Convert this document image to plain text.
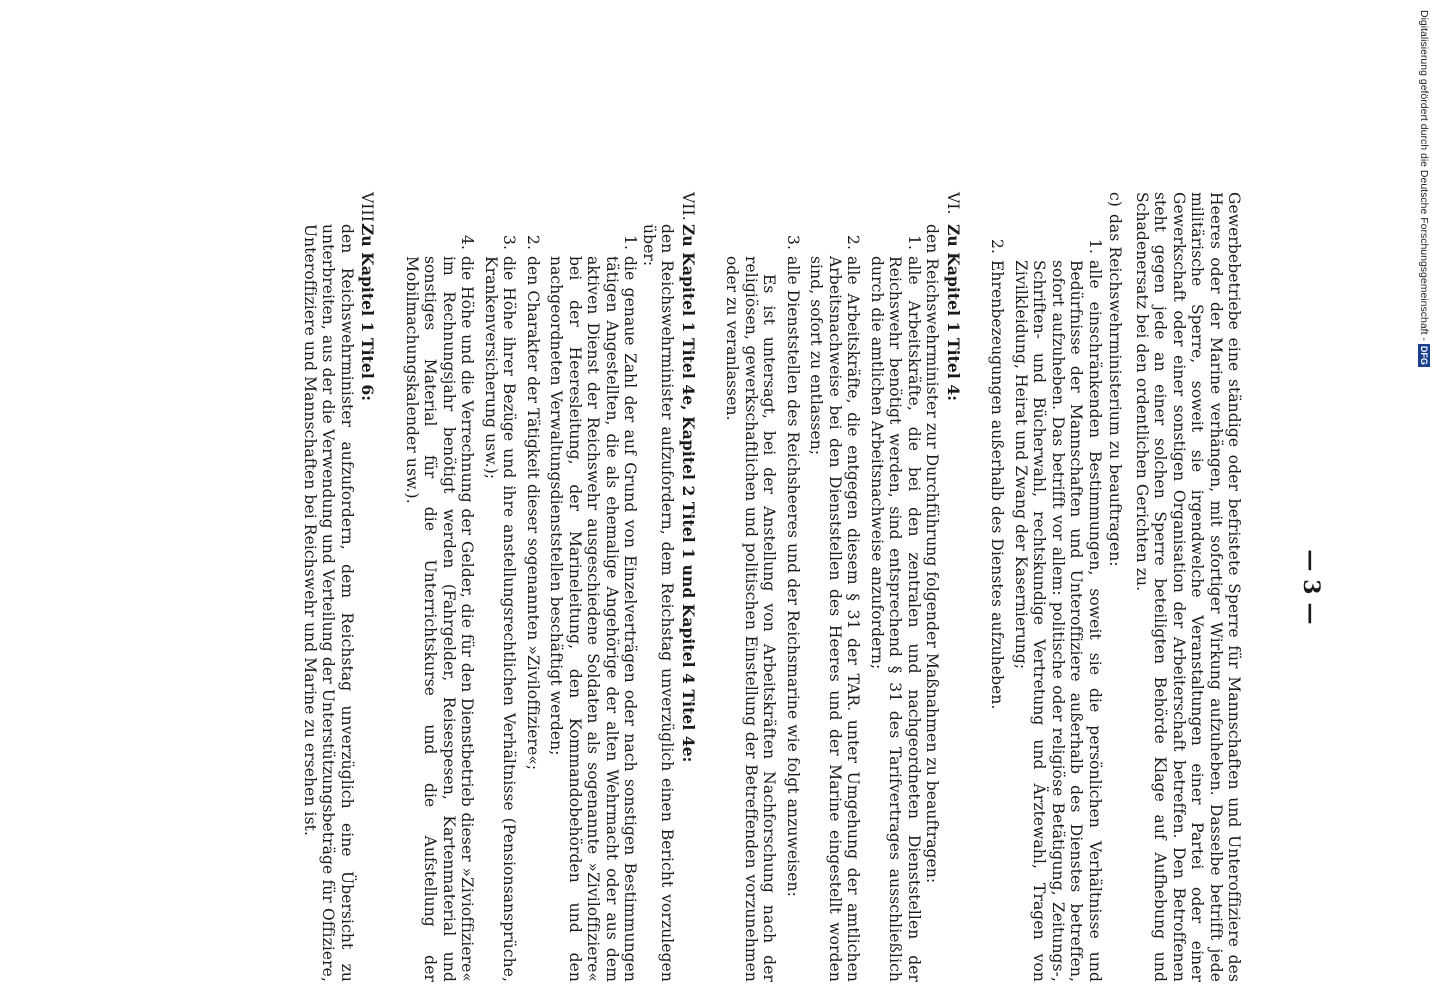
— 3 —

Gewerbebetriebe eine ständige oder befristete Sperre für Mannschaften und Unteroffiziere des Heeres oder der Marine verhängen, mit sofortiger Wirkung aufzuheben. Dasselbe betrifft jede militärische Sperre, soweit sie irgendwelche Veranstaltungen einer Partei oder einer Gewerkschaft oder einer sonstigen Organisation der Arbeiterschaft betreffen. Den Betroffenen steht gegen jede an einer solchen Sperre beteiligten Behörde Klage auf Aufhebung und Schadenersatz bei den ordentlichen Gerichten zu.

c)
das Reichswehrministerium zu beauftragen:
1.
alle einschränkenden Bestimmungen, soweit sie die persönlichen Verhältnisse und Bedürfnisse der Mannschaften und Unteroffiziere außerhalb des Dienstes betreffen, sofort aufzuheben. Das betrifft vor allem: politische oder religiöse Betätigung, Zeitungs-, Schriften- und Bücherwahl, rechtskundige Vertretung und Ärztewahl, Tragen von Zivilkleidung, Heirat und Zwang der Kasernierung;
2.
Ehrenbezeugungen außerhalb des Dienstes aufzuheben.
VI.Zu Kapitel 1 Titel 4:
den Reichswehrminister zur Durchführung folgender Maßnahmen zu beauftragen:
1.
alle Arbeitskräfte, die bei den zentralen und nachgeordneten Dienststellen der Reichswehr benötigt werden, sind entsprechend § 31 des Tarifvertrages ausschließlich durch die amtlichen Arbeitsnachweise anzufordern;
2.
alle Arbeitskräfte, die entgegen diesem § 31 der TAR. unter Umgehung der amtlichen Arbeitsnachweise bei den Dienststellen des Heeres und der Marine eingestellt worden sind, sofort zu entlassen;
3.
alle Dienststellen des Reichsheeres und der Reichsmarine wie folgt anzuweisen:
Es ist untersagt, bei der Anstellung von Arbeitskräften Nachforschung nach der religiösen, gewerkschaftlichen und politischen Einstellung der Betreffenden vorzunehmen oder zu veranlassen.
VII.Zu Kapitel 1 Titel 4e, Kapitel 2 Titel 1 und Kapitel 4 Titel 4e:
den Reichswehrminister aufzufordern, dem Reichstag unverzüglich einen Bericht vorzulegen über:
1.
die genaue Zahl der auf Grund von Einzelverträgen oder nach sonstigen Bestimmungen tätigen Angestellten, die als ehemalige Angehörige der alten Wehrmacht oder aus dem aktiven Dienst der Reichswehr ausgeschiedene Soldaten als sogenannte »Ziviloffiziere« bei der Heeresleitung, der Marineleitung, den Kommandobehörden und den nachgeordneten Verwaltungsdienststellen beschäftigt werden;
2.
den Charakter der Tätigkeit dieser sogenannten »Ziviloffiziere«;
3.
die Höhe ihrer Bezüge und ihre anstellungsrechtlichen Verhältnisse (Pensionsansprüche, Krankenversicherung usw.);
4.
die Höhe und die Verrechnung der Gelder, die für den Dienstbetrieb dieser »Zivioffiziere« im Rechnungsjahr benötigt werden (Fahrgelder, Reisespesen, Kartenmaterial und sonstiges Material für die Unterrichtskurse und die Aufstellung der Mobilmachungskalender usw.).
VIII.Zu Kapitel 1 Titel 6:
den Reichswehrminister aufzufordern, dem Reichstag unverzüglich eine Übersicht zu unterbreiten, aus der die Verwendung und Verteilung der Unterstützungsbeträge für Offiziere, Unteroffiziere und Mannschaften bei Reichswehr und Marine zu ersehen ist.
Digitalisierung gefördert durch die Deutsche Forschungsgemeinschaft -DFG
